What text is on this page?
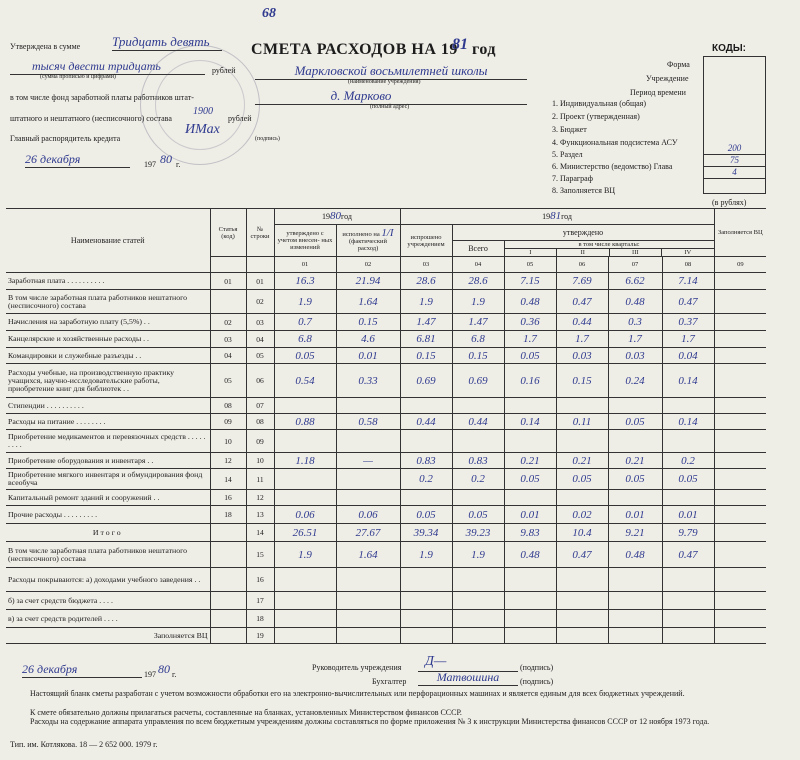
68
Утверждена в сумме Тридцать девять
тысяч двести тридцать	рублей
(сумма прописью и цифрами)
в том числе фонд заработной платы работников штат-
штатного и нештатного (несписочного) состава
1900
рублей
Главный распорядитель кредита
ИМах
(подпись)
26 декабря	197 80 г.
СМЕТА РАСХОДОВ НА 19
81 год
Маркловской восьмилетней школы
(наименование учреждения)
д. Марково
(полный адрес)
КОДЫ:
Форма
Учреждение
Период времени
1. Индивидуальная (общая)
2. Проект (утвержденная)
3. Бюджет
4. Функциональная подсистема АСУ
5. Раздел
6. Министерство (ведомство) Глава
7. Параграф
8. Заполняется ВЦ
200
75
4
(в рублях)
Наименование статей	Статья (код)	№ строки	1980год		1981год						Заполняется ВЦ
			утверждено с учетом внесен- ных изменений	исполнено на 1/I
(фактический расход)	испрошено учреждением	утверждено					
						Всего	в том числе кварталы:
I II III IV				

			01	02	03	04	05	06	07	08	09
Заработная плата . . . . . . . . . .	01	01	16.3	21.94	28.6	28.6	7.15	7.69	6.62	7.14	
В том числе заработная плата работников нештатного (несписочного) состава		02	1.9	1.64	1.9	1.9	0.48	0.47	0.48	0.47	
Начисления на заработную плату (5,5%) . .	02	03	0.7	0.15	1.47	1.47	0.36	0.44	0.3	0.37	
Канцелярские и хозяйственные расходы . .	03	04	6.8	4.6	6.81	6.8	1.7	1.7	1.7	1.7	
Командировки и служебные разъезды . .	04	05	0.05	0.01	0.15	0.15	0.05	0.03	0.03	0.04	
Расходы учебные, на производственную практику учащихся, научно-исследовательские работы, приобретение книг для библиотек . .	05	06	0.54	0.33	0.69	0.69	0.16	0.15	0.24	0.14	
Стипендии . . . . . . . . . .	08	07									
Расходы на питание . . . . . . . .	09	08	0.88	0.58	0.44	0.44	0.14	0.11	0.05	0.14	
Приобретение медикаментов и перевязочных средств . . . . . . . . .	10	09									
Приобретение оборудования и инвентаря . .	12	10	1.18	—	0.83	0.83	0.21	0.21	0.21	0.2	
Приобретение мягкого инвентаря и обмундирования фонд всеобуча	14	11			0.2	0.2	0.05	0.05	0.05	0.05	
Капитальный ремонт зданий и сооружений . .	16	12									
Прочие расходы . . . . . . . . .	18	13	0.06	0.06	0.05	0.05	0.01	0.02	0.01	0.01	
Итого		14	26.51	27.67	39.34	39.23	9.83	10.4	9.21	9.79	
В том числе заработная плата работников нештатного (несписочного) состава		15	1.9	1.64	1.9	1.9	0.48	0.47	0.48	0.47	
Расходы покрываются: а) доходами учебного заведения . .		16									
б) за счет средств бюджета . . . .		17									
в) за счет средств родителей . . . .		18									
Заполняется ВЦ		19									
26 декабря	197 80 г.
Руководитель учреждения Д—	(подпись)
Бухгалтер	Матвошина	(подпись)
Настоящий бланк сметы разработан с учетом возможности обработки его на электронно-вычислительных или перфорационных машинах и является единым для всех бюджетных учреждений.
К смете обязательно должны прилагаться расчеты, составленные на бланках, установленных Министерством финансов СССР.
Расходы на содержание аппарата управления по всем бюджетным учреждениям должны составляться по форме приложения № 3 к инструкции Министерства финансов СССР от 12 ноября 1973 года.
Тип. им. Котлякова. 18 — 2 652 000. 1979 г.
